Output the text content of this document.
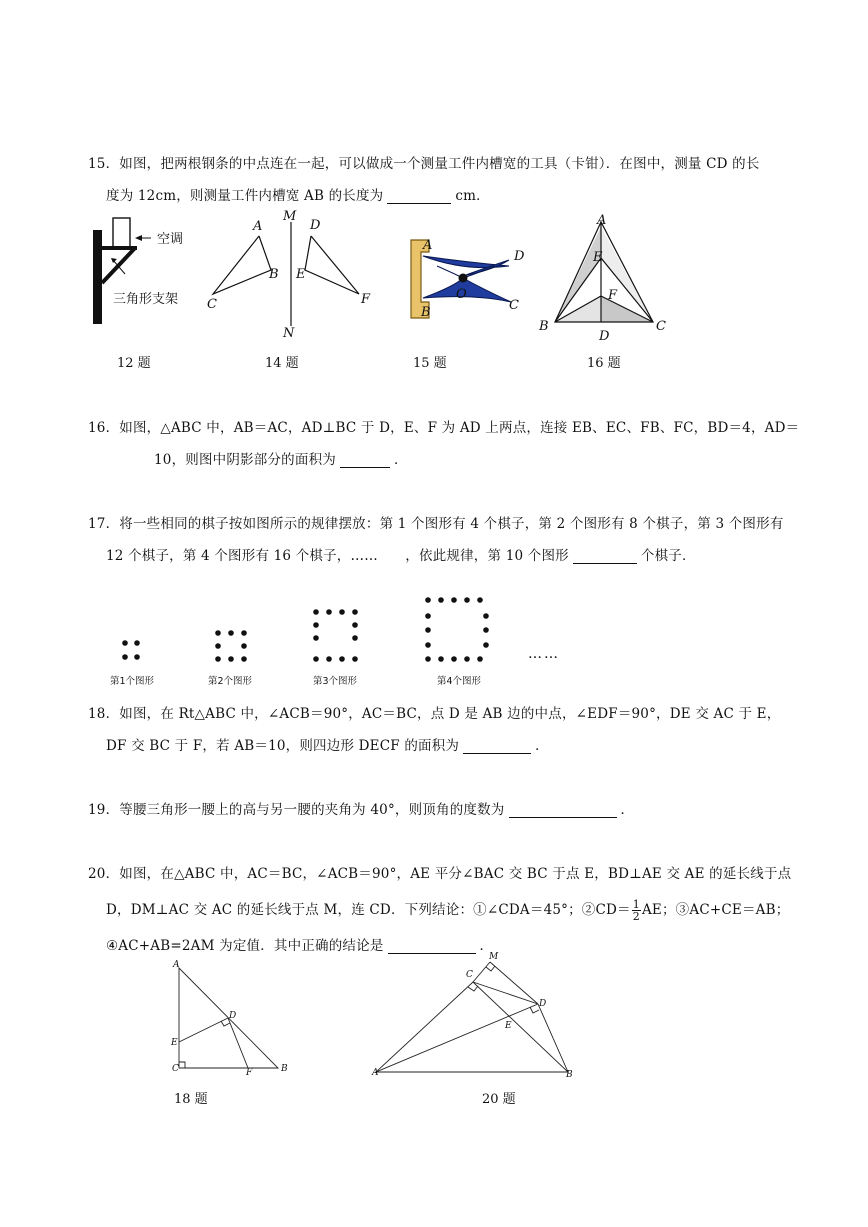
15．如图，把两根钢条的中点连在一起，可以做成一个测量工件内槽宽的工具（卡钳）．在图中，测量 CD 的长
度为 12cm，则测量工件内槽宽 AB 的长度为	cm．
空调
三角形支架
A
B
C
D
E
F
M
N
A
B	C
D
O
A
B	C
D
E
F
12 题	14 题	15 题	16 题
16．如图，△ABC 中，AB＝AC，AD⊥BC 于 D，E、F 为 AD 上两点，连接 EB、EC、FB、FC，BD＝4，AD＝
10，则图中阴影部分的面积为	．
17．将一些相同的棋子按如图所示的规律摆放：第 1 个图形有 4 个棋子，第 2 个图形有 8 个棋子，第 3 个图形有
12 个棋子，第 4 个图形有 16 个棋子，……　　，依此规律，第 10 个图形	个棋子．
第1个图形	第2个图形	第3个图形	第4个图形
……
18．如图，在 Rt△ABC 中，∠ACB＝90°，AC＝BC，点 D 是 AB 边的中点，∠EDF＝90°，DE 交 AC 于 E，
DF 交 BC 于 F，若 AB＝10，则四边形 DECF 的面积为	．
19．等腰三角形一腰上的高与另一腰的夹角为 40°，则顶角的度数为	．
20．如图，在△ABC 中，AC＝BC，∠ACB＝90°，AE 平分∠BAC 交 BC 于点 E，BD⊥AE 交 AE 的延长线于点
D，DM⊥AC 交 AC 的延长线于点 M，连 CD．下列结论：①∠CDA＝45°；②CD＝ $\frac{1}{2}$ AE；③AC+CE＝AB；
④AC+AB=2AM 为定值．其中正确的结论是	．
A
B
C
D
E
F	A	B
C
D
E
M
18 题	20 题
